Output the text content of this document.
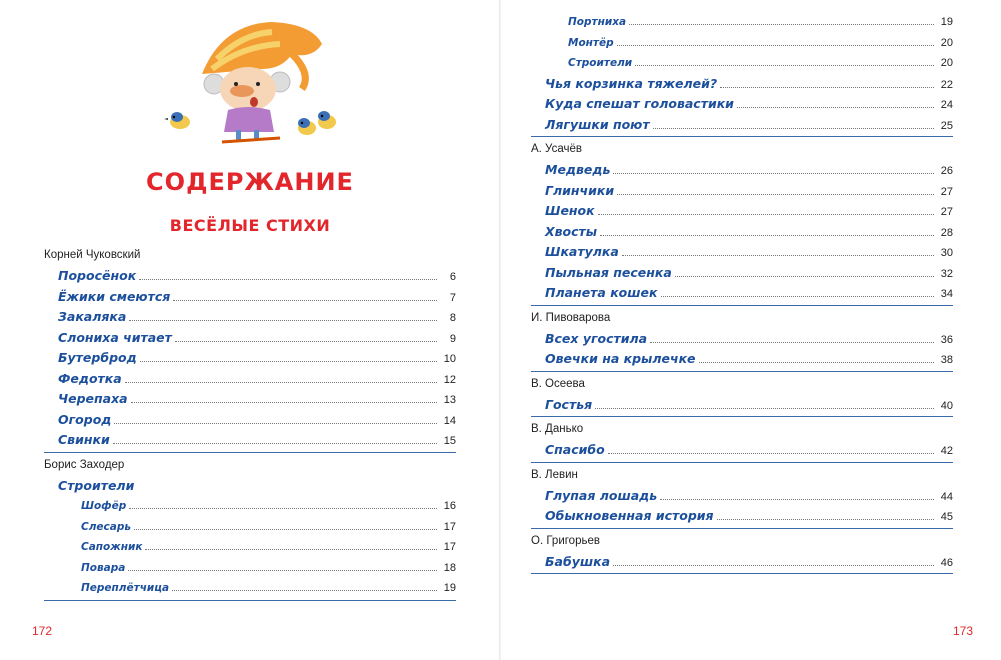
СОДЕРЖАНИЕ
ВЕСЁЛЫЕ СТИХИ
Корней Чуковский
Поросёнок	6
Ёжики смеются	7
Закаляка	8
Слониха читает	9
Бутерброд	10
Федотка	12
Черепаха	13
Огород	14
Свинки	15
Борис Заходер
Строители
Шофёр	16
Слесарь	17
Сапожник	17
Повара	18
Переплётчица	19
172
Портниха	19
Монтёр	20
Строители	20
Чья корзинка тяжелей?	22
Куда спешат головастики	24
Лягушки поют	25
А. Усачёв
Медведь	26
Глинчики	27
Шенок	27
Хвосты	28
Шкатулка	30
Пыльная песенка	32
Планета кошек	34
И. Пивоварова
Всех угостила	36
Овечки на крылечке	38
В. Осеева
Гостья	40
В. Данько
Спасибо	42
В. Левин
Глупая лошадь	44
Обыкновенная история	45
О. Григорьев
Бабушка	46
173
